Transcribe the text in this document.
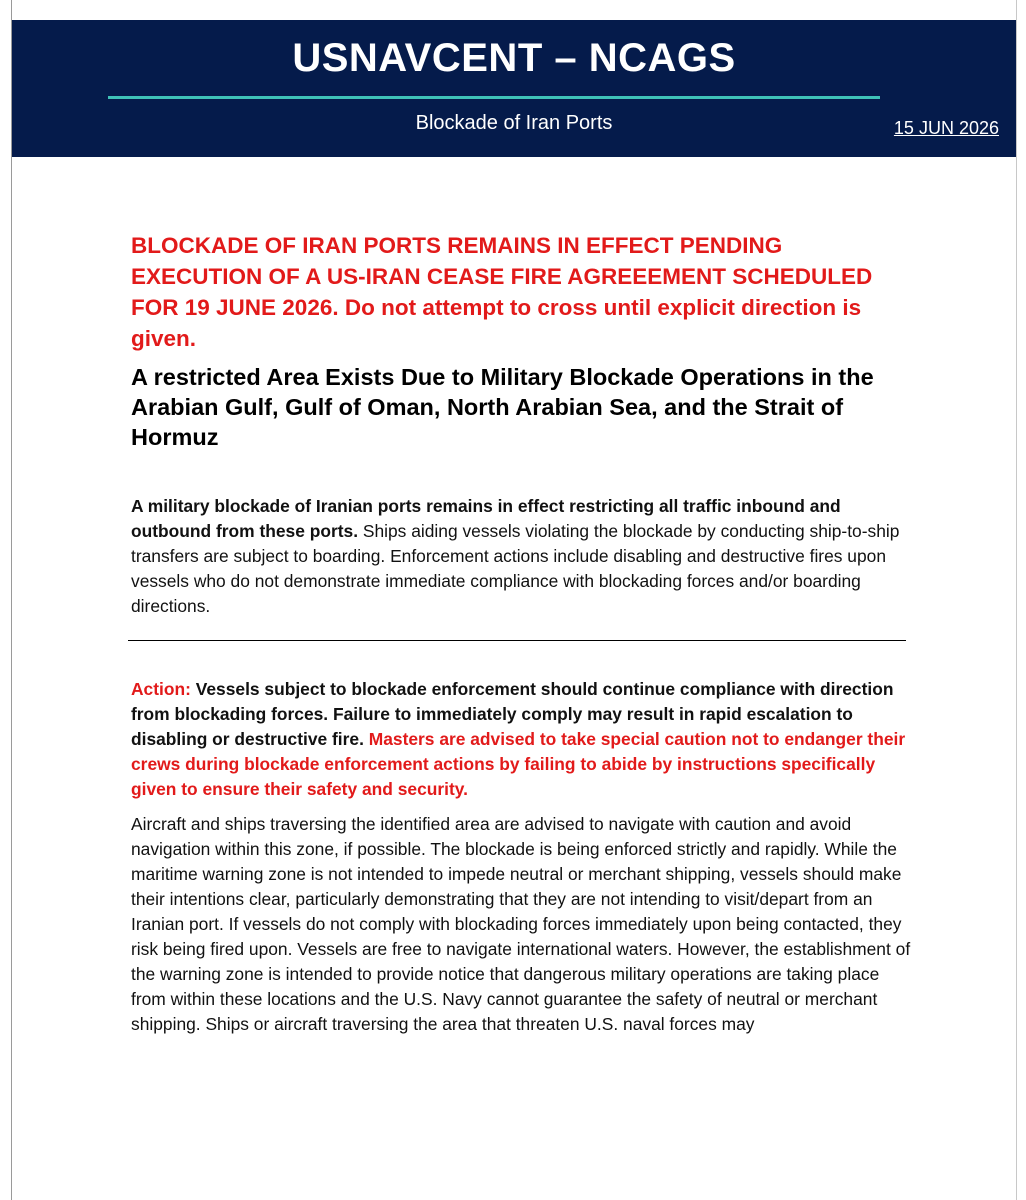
USNAVCENT – NCAGS
Blockade of Iran Ports	15 JUN 2026
BLOCKADE OF IRAN PORTS REMAINS IN EFFECT PENDING EXECUTION OF A US-IRAN CEASE FIRE AGREEEMENT SCHEDULED FOR 19 JUNE 2026. Do not attempt to cross until explicit direction is given.
A restricted Area Exists Due to Military Blockade Operations in the Arabian Gulf, Gulf of Oman, North Arabian Sea, and the Strait of Hormuz
A military blockade of Iranian ports remains in effect restricting all traffic inbound and outbound from these ports. Ships aiding vessels violating the blockade by conducting ship-to-ship transfers are subject to boarding. Enforcement actions include disabling and destructive fires upon vessels who do not demonstrate immediate compliance with blockading forces and/or boarding directions.
Action: Vessels subject to blockade enforcement should continue compliance with direction from blockading forces. Failure to immediately comply may result in rapid escalation to disabling or destructive fire. Masters are advised to take special caution not to endanger their crews during blockade enforcement actions by failing to abide by instructions specifically given to ensure their safety and security.
Aircraft and ships traversing the identified area are advised to navigate with caution and avoid navigation within this zone, if possible. The blockade is being enforced strictly and rapidly. While the maritime warning zone is not intended to impede neutral or merchant shipping, vessels should make their intentions clear, particularly demonstrating that they are not intending to visit/depart from an Iranian port. If vessels do not comply with blockading forces immediately upon being contacted, they risk being fired upon. Vessels are free to navigate international waters. However, the establishment of the warning zone is intended to provide notice that dangerous military operations are taking place from within these locations and the U.S. Navy cannot guarantee the safety of neutral or merchant shipping. Ships or aircraft traversing the area that threaten U.S. naval forces may
